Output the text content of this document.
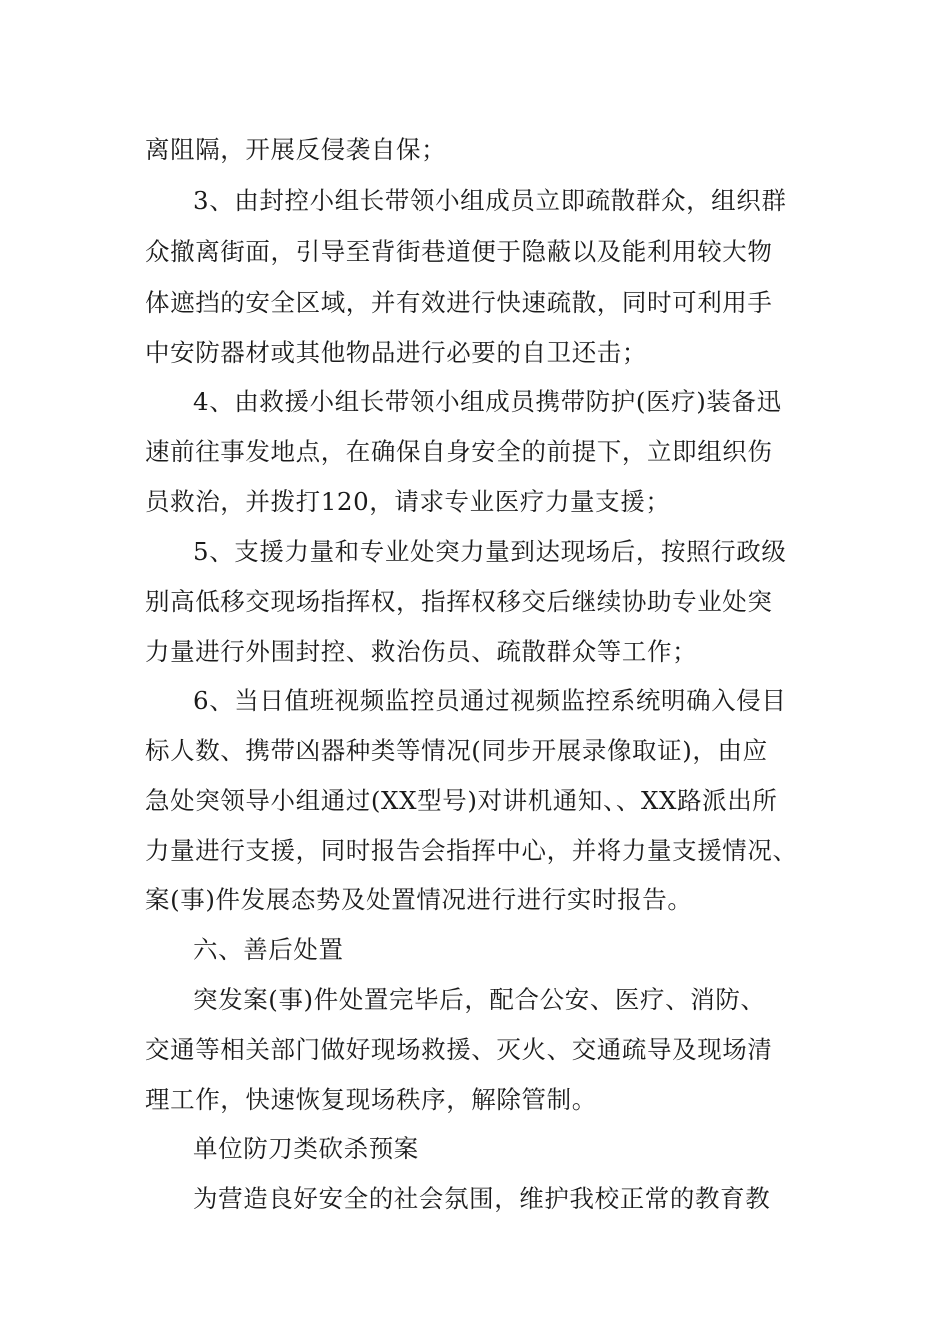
离阻隔，开展反侵袭自保；
3、由封控小组长带领小组成员立即疏散群众，组织群
众撤离街面，引导至背街巷道便于隐蔽以及能利用较大物
体遮挡的安全区域，并有效进行快速疏散，同时可利用手
中安防器材或其他物品进行必要的自卫还击；
4、由救援小组长带领小组成员携带防护(医疗)装备迅
速前往事发地点，在确保自身安全的前提下，立即组织伤
员救治，并拨打120，请求专业医疗力量支援；
5、支援力量和专业处突力量到达现场后，按照行政级
别高低移交现场指挥权，指挥权移交后继续协助专业处突
力量进行外围封控、救治伤员、疏散群众等工作；
6、当日值班视频监控员通过视频监控系统明确入侵目
标人数、携带凶器种类等情况(同步开展录像取证)，由应
急处突领导小组通过(XX型号)对讲机通知、、XX路派出所
力量进行支援，同时报告会指挥中心，并将力量支援情况、
案(事)件发展态势及处置情况进行进行实时报告。
六、善后处置
突发案(事)件处置完毕后，配合公安、医疗、消防、
交通等相关部门做好现场救援、灭火、交通疏导及现场清
理工作，快速恢复现场秩序，解除管制。
单位防刀类砍杀预案
为营造良好安全的社会氛围，维护我校正常的教育教
